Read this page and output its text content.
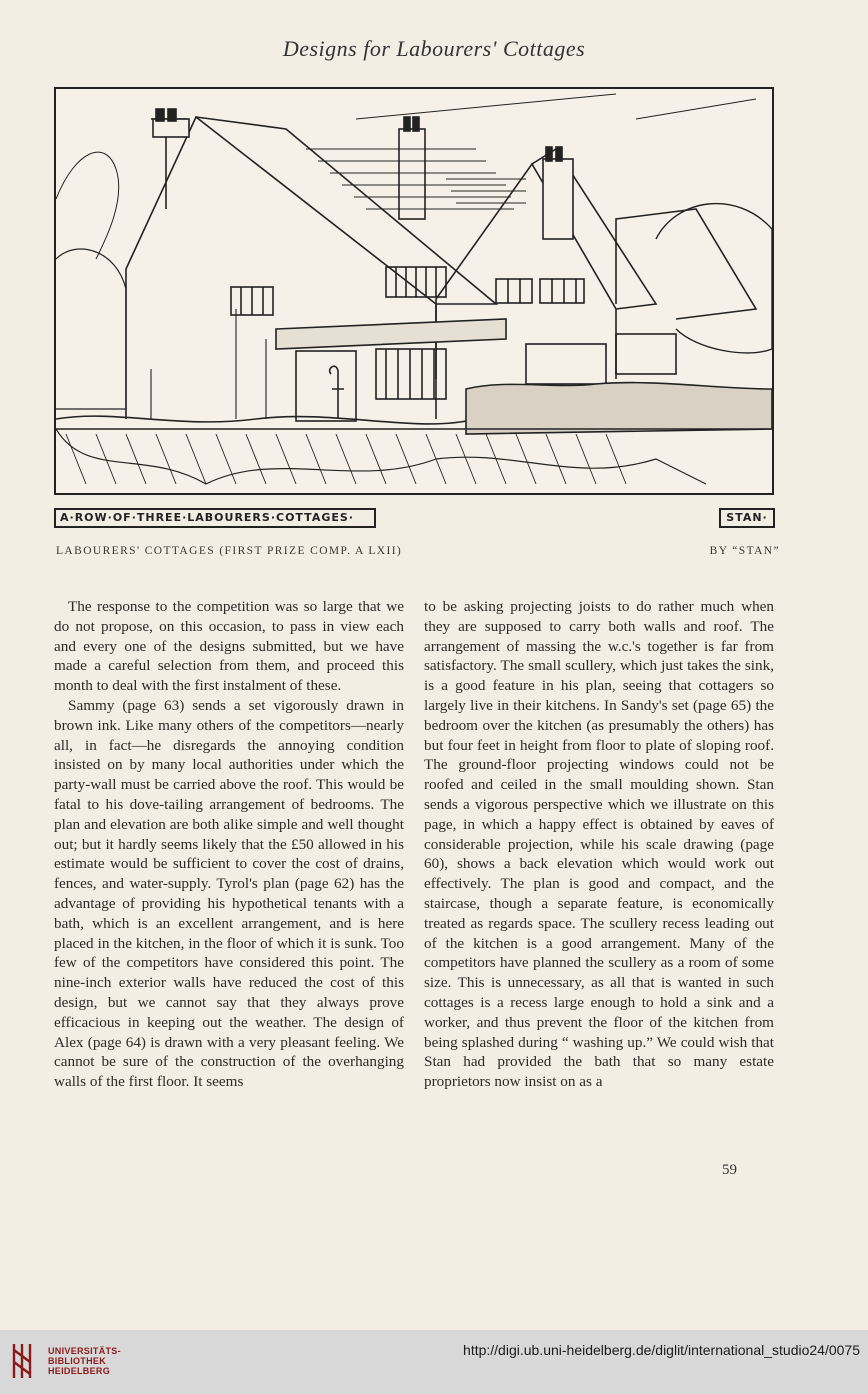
Designs for Labourers' Cottages
A·ROW·OF·THREE·LABOURERS·COTTAGES·	STAN·
LABOURERS' COTTAGES (FIRST PRIZE COMP. A LXII)	BY “STAN”

The response to the competition was so large that we do not propose, on this occasion, to pass in view each and every one of the designs submitted, but we have made a careful selection from them, and proceed this month to deal with the first instalment of these.

Sammy (page 63) sends a set vigorously drawn in brown ink. Like many others of the competitors—nearly all, in fact—he disregards the annoying condition insisted on by many local authorities under which the party-wall must be carried above the roof. This would be fatal to his dove-tailing arrangement of bedrooms. The plan and elevation are both alike simple and well thought out; but it hardly seems likely that the £50 allowed in his estimate would be sufficient to cover the cost of drains, fences, and water-supply. Tyrol's plan (page 62) has the advantage of providing his hypothetical tenants with a bath, which is an excellent arrangement, and is here placed in the kitchen, in the floor of which it is sunk. Too few of the competitors have considered this point. The nine-inch exterior walls have reduced the cost of this design, but we cannot say that they always prove efficacious in keeping out the weather. The design of Alex (page 64) is drawn with a very pleasant feeling. We cannot be sure of the construction of the overhanging walls of the first floor. It seems

to be asking projecting joists to do rather much when they are supposed to carry both walls and roof. The arrangement of massing the w.c.'s together is far from satisfactory. The small scullery, which just takes the sink, is a good feature in his plan, seeing that cottagers so largely live in their kitchens. In Sandy's set (page 65) the bedroom over the kitchen (as presumably the others) has but four feet in height from floor to plate of sloping roof. The ground-floor projecting windows could not be roofed and ceiled in the small moulding shown. Stan sends a vigorous perspective which we illustrate on this page, in which a happy effect is obtained by eaves of considerable projection, while his scale drawing (page 60), shows a back elevation which would work out effectively. The plan is good and compact, and the staircase, though a separate feature, is economically treated as regards space. The scullery recess leading out of the kitchen is a good arrangement. Many of the competitors have planned the scullery as a room of some size. This is unnecessary, as all that is wanted in such cottages is a recess large enough to hold a sink and a worker, and thus prevent the floor of the kitchen from being splashed during “ washing up.” We could wish that Stan had provided the bath that so many estate proprietors now insist on as a

59
UNIVERSITÄTS-
BIBLIOTHEK
HEIDELBERG
http://digi.ub.uni-heidelberg.de/diglit/international_studio24/0075
